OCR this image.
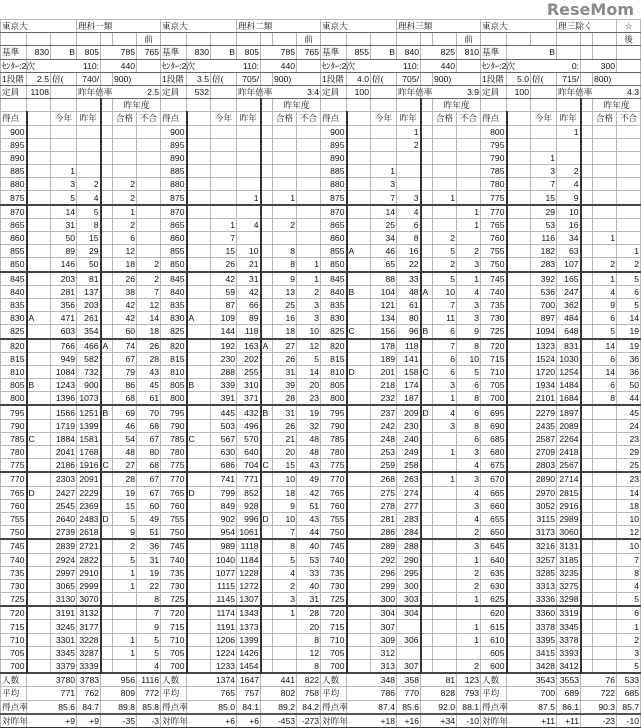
東京大			理科一類			
						前
基準	830	B	805	785		765
ｾﾝﾀｰ:2次	110:			440		
1段階	2.5	倍(	740/		900)	
定員	1108		昨年倍率	2.5		
					昨年度	
得点		今年	昨年		合格	不合
900						
895						
890						
885		1				
880		3	2		2	
875		5	4		2	
870		14	5		1	
865		31	8		2	
860		50	15		6	
855		89	29		12	
850		146	50		18	2
845		203	81		26	2
840		281	137		38	7
835		356	203		42	12
830	A	471	261		42	14
825		603	354		60	18
820		766	466	A	74	26
815		949	582		67	28
810		1084	732		79	43
805	B	1243	900		86	45
800		1396	1073		68	61
795		1566	1251	B	69	70
790		1719	1399		46	68
785	C	1884	1581		54	67
780		2041	1768		48	80
775		2186	1916	C	27	68
770		2303	2091		28	67
765	D	2427	2229		19	67
760		2545	2369		15	60
755		2640	2483	D	5	49
750		2739	2618		9	51
745		2839	2721		2	36
740		2924	2822		5	31
735		2997	2910		1	19
730		3065	2999		1	22
725		3130	3070			8
720		3191	3132			7
715		3245	3177			9
710		3301	3228		1	5
705		3345	3287		1	5
700		3379	3339			4
人数	3780		3783	956		1116
平均	771		762	809		772
得点率	85.6		84.7	89.8		85.8
対昨年	+9		+9	-35		-3
東京大			理科二類			
						前
基準	830	B	805	785		765
ｾﾝﾀｰ:2次	110:			440		
1段階	3.5	倍(	705/		900)	
定員	532		昨年倍率	3.4		
					昨年度	
得点		今年	昨年		合格	不合
900						
895						
890						
885						
880						
875			1		1	
870						
865		1	4		2	
860		7				
855		15	10		8	
850		26	21		8	1
845		42	31		9	1
840		59	42		13	2
835		87	66		25	3
830	A	109	89		16	3
825		144	118		18	10
820		192	163	A	27	12
815		230	202		26	5
810		288	255		31	14
805	B	339	310		39	20
800		391	371		28	23
795		445	432	B	31	19
790		503	496		26	32
785	C	567	570		21	48
780		630	640		20	48
775		686	704	C	15	43
770		741	771		10	49
765	D	799	852		18	42
760		849	928		9	51
755		902	996	D	10	43
750		954	1061		7	44
745		989	1118		8	40
740		1040	1184		5	53
735		1077	1228		4	33
730		1115	1272		2	40
725		1145	1307		3	31
720		1174	1343		1	28
715		1191	1373			20
710		1206	1399			8
705		1224	1426			12
700		1233	1454			8
人数	1374		1647	441		822
平均	765		757	802		758
得点率	85.0		84.1	89.2		84.2
対昨年	+6		+6	-453		-273
東京大			理科三類			
						前
基準	855	B	840	825		810
ｾﾝﾀｰ:2次	110:			440		
1段階	4.0	倍(	705/		900)	
定員	100		昨年倍率	3.9		
					昨年度	
得点		今年	昨年		合格	不合
900			1			
895			2			
890						
885		1				
880		3				
875		7	3		1	
870		14	4			1
865		25	6			1
860		34	8		2	
855	A	46	16		5	2
850		65	22		2	3
845		88	33		5	1
840	B	104	48	A	10	4
835		121	61		7	3
830		134	80		11	3
825	C	156	96	B	6	9
820		178	118		7	8
815		189	141		6	10
810	D	201	158	C	6	5
805		218	174		3	6
800		232	187		1	8
795		237	209	D	4	6
790		242	230		3	8
785		248	240			6
780		253	249		1	3
775		259	258			4
770		268	263		1	3
765		275	274			4
760		278	277			3
755		281	283			4
750		286	284			2
745		289	288			3
740		292	290			1
735		296	295			2
730		299	300			2
725		300	303			1
720		304	304			
715		307				1
710		309	306			1
705		312				
700		313	307			2
人数	348		358	81		123
平均	786		770	828		793
得点率	87.4		85.6	92.0		88.1
対昨年	+18		+16	+34		-10
東京大			理三除く			☆
						後
基準	B					
ｾﾝﾀｰ:2次	0:			300		
1段階	5.0	倍(	715/		800)	
定員	100		昨年倍率	4.3		
					昨年度	
得点		今年	昨年		合格	不合
800			1			
795						
790		1				
785		3	2			
780		7	4			
775		15	9			
770		29	10			
765		53	16			
760		116	34		1	
755		182	63			1
750		283	107		2	2
745		392	165		1	5
740		536	247		4	6
735		700	362		9	5
730		897	484		6	14
725		1094	648		5	19
720		1323	831		14	19
715		1524	1030		6	36
710		1720	1254		14	36
705		1934	1484		6	50
700		2101	1684		8	44
695		2279	1897			45
690		2435	2089			24
685		2587	2264			23
680		2709	2418			29
675		2803	2567			25
670		2890	2714			23
665		2970	2815			14
660		3052	2916			18
655		3115	2989			10
650		3173	3060			12
645		3216	3131			10
640		3257	3185			7
635		3285	3235			8
630		3313	3275			4
625		3336	3298			5
620		3360	3319			6
615		3378	3345			1
610		3395	3378			2
605		3415	3393			3
600		3428	3412			5
人数	3543		3553	76		533
平均	700		689	722		685
得点率	87.5		86.1	90.3		85.7
対昨年	+11		+11	-23		-10
ReseMom
